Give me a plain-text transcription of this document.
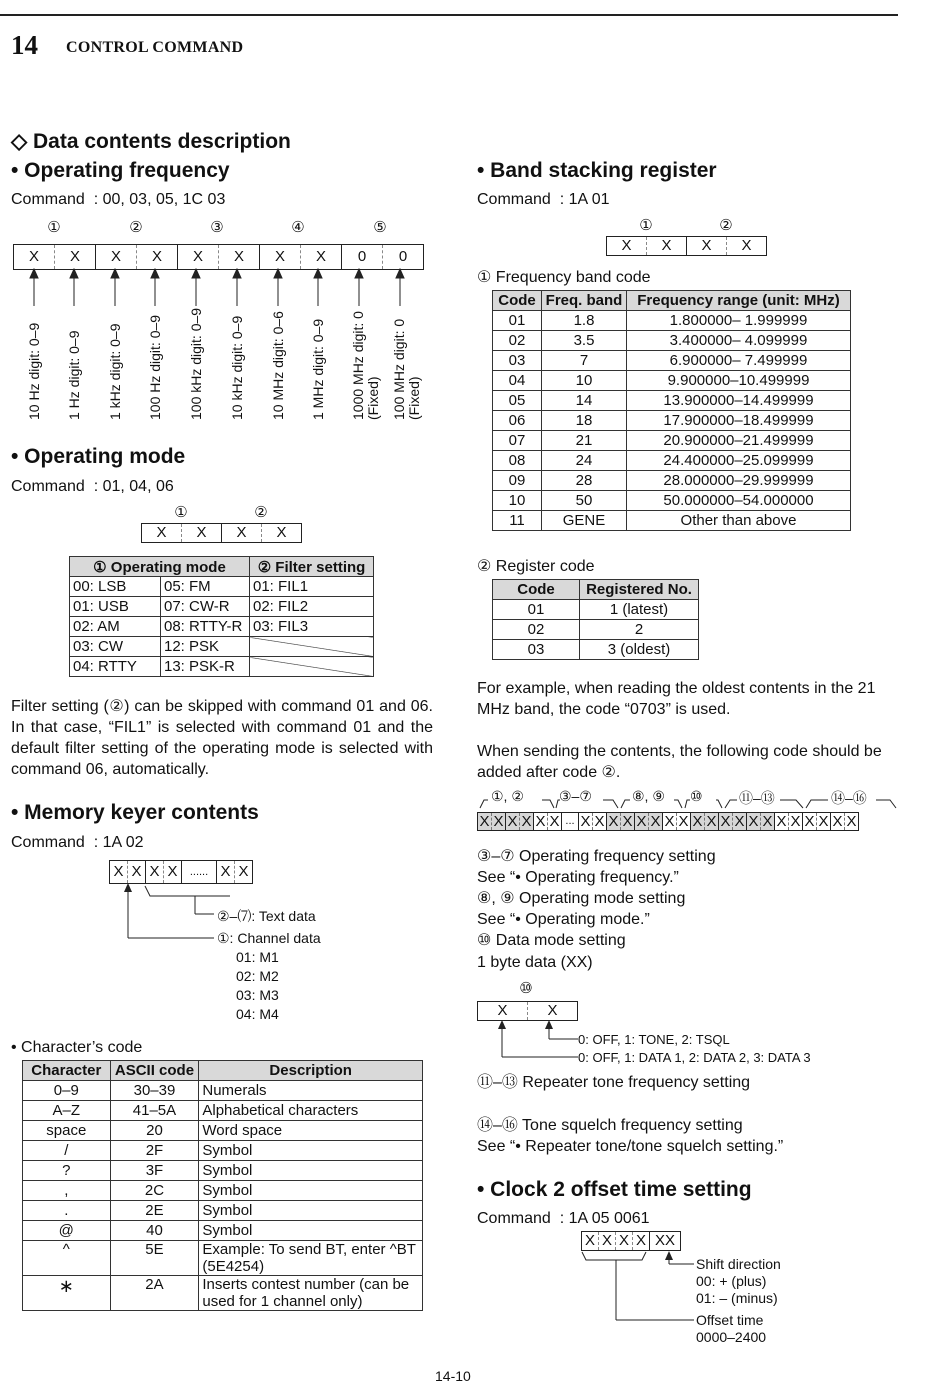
14 CONTROL COMMAND
◇ Data contents description
• Operating frequency
Command  : 00, 03, 05, 1C 03
①	②	③	④	⑤
X	X	X	X	X	X	X	X	0	0
10 Hz digit: 0–9 1 Hz digit: 0–9 1 kHz digit: 0–9 100 Hz digit: 0–9 100 kHz digit: 0–9 10 kHz digit: 0–9 10 MHz digit: 0–6 1 MHz digit: 0–9 1000 MHz digit: 0
(Fixed) 100 MHz digit: 0
(Fixed)
• Operating mode
Command  : 01, 04, 06
①	②
X	X	X	X
① Operating mode		② Filter setting
00: LSB	05: FM	01: FIL1
01: USB	07: CW-R	02: FIL2
02: AM	08: RTTY-R	03: FIL3
03: CW	12: PSK	
04: RTTY	13: PSK-R	
Filter setting (②) can be skipped with command 01 and 06. In that case, “FIL1” is selected with command 01 and the default filter setting of the operating mode is selected with command 06, automatically.
• Memory keyer contents
Command  : 1A 02
X X X X	...... X X
②–⑺: Text data
①: Channel data
01: M1
02: M2
03: M3
04: M4
• Character’s code
Character	ASCII code	Description
0–9	30–39	Numerals
A–Z	41–5A	Alphabetical characters
space	20	Word space
/	2F	Symbol
?	3F	Symbol
,	2C	Symbol
.	2E	Symbol
@	40	Symbol
^	5E	Example: To send BT, enter ^BT (5E4254)
∗	2A	Inserts contest number (can be used for 1 channel only)
• Band stacking register
Command  : 1A 01
①	②
X	X	X	X
① Frequency band code
Code	Freq. band	Frequency range (unit: MHz)
01	1.8	1.800000– 1.999999
02	3.5	3.400000– 4.099999
03	7	6.900000– 7.499999
04	10	9.900000–10.499999
05	14	13.900000–14.499999
06	18	17.900000–18.499999
07	21	20.900000–21.499999
08	24	24.400000–25.099999
09	28	28.000000–29.999999
10	50	50.000000–54.000000
11	GENE	Other than above
② Register code
Code	Registered No.
01	1 (latest)
02	2
03	3 (oldest)
For example, when reading the oldest contents in the 21 MHz band, the code “0703” is used.
When sending the contents, the following code should be added after code ②.
①, ②	③–⑦	⑧, ⑨ ⑩	⑪–⑬	⑭–⑯
X X X X X X ... X X X X X X X X X X X X X X X X X X X X
③–⑦ Operating frequency setting
See “• Operating frequency.”
⑧, ⑨ Operating mode setting
See “• Operating mode.”
⑩ Data mode setting
1 byte data (XX)
⑩
X	X
0: OFF, 1: TONE, 2: TSQL
0: OFF, 1: DATA 1, 2: DATA 2, 3: DATA 3
⑪–⑬ Repeater tone frequency setting
⑭–⑯ Tone squelch frequency setting
See “• Repeater tone/tone squelch setting.”
• Clock 2 offset time setting
Command  : 1A 05 0061
X X X X XX
Shift direction
00: + (plus)
01: – (minus)
Offset time
0000–2400
14-10
